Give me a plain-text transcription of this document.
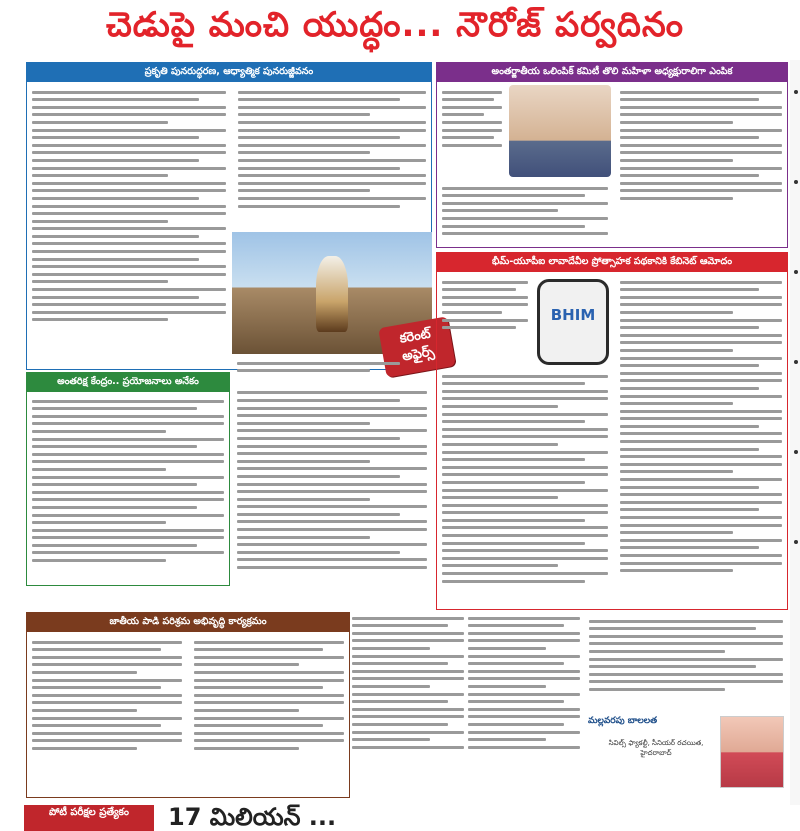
చెడుపై మంచి యుద్ధం... నౌరోజ్ పర్వదినం
ప్రకృతి పునరుద్ధరణ, ఆధ్యాత్మిక పునరుజ్జీవనం
కరెంట్ అఫైర్స్
అంతరిక్ష కేంద్రం.. ప్రయోజనాలు అనేకం
అంతర్జాతీయ ఒలింపిక్ కమిటీ తొలి మహిళా అధ్యక్షురాలిగా ఎంపిక
భీమ్-యూపీఐ లావాదేవీల ప్రోత్సాహక పథకానికి కేబినెట్ ఆమోదం
BHIM
జాతీయ పాడి పరిశ్రమ అభివృద్ధి కార్యక్రమం
మల్లవరపు బాలలత
సివిల్స్ ఫ్యాకల్టీ, సీనియర్ రచయిత, హైదరాబాద్
పోటీ పరీక్షల ప్రత్యేకం	17 మిలియన్ ...
